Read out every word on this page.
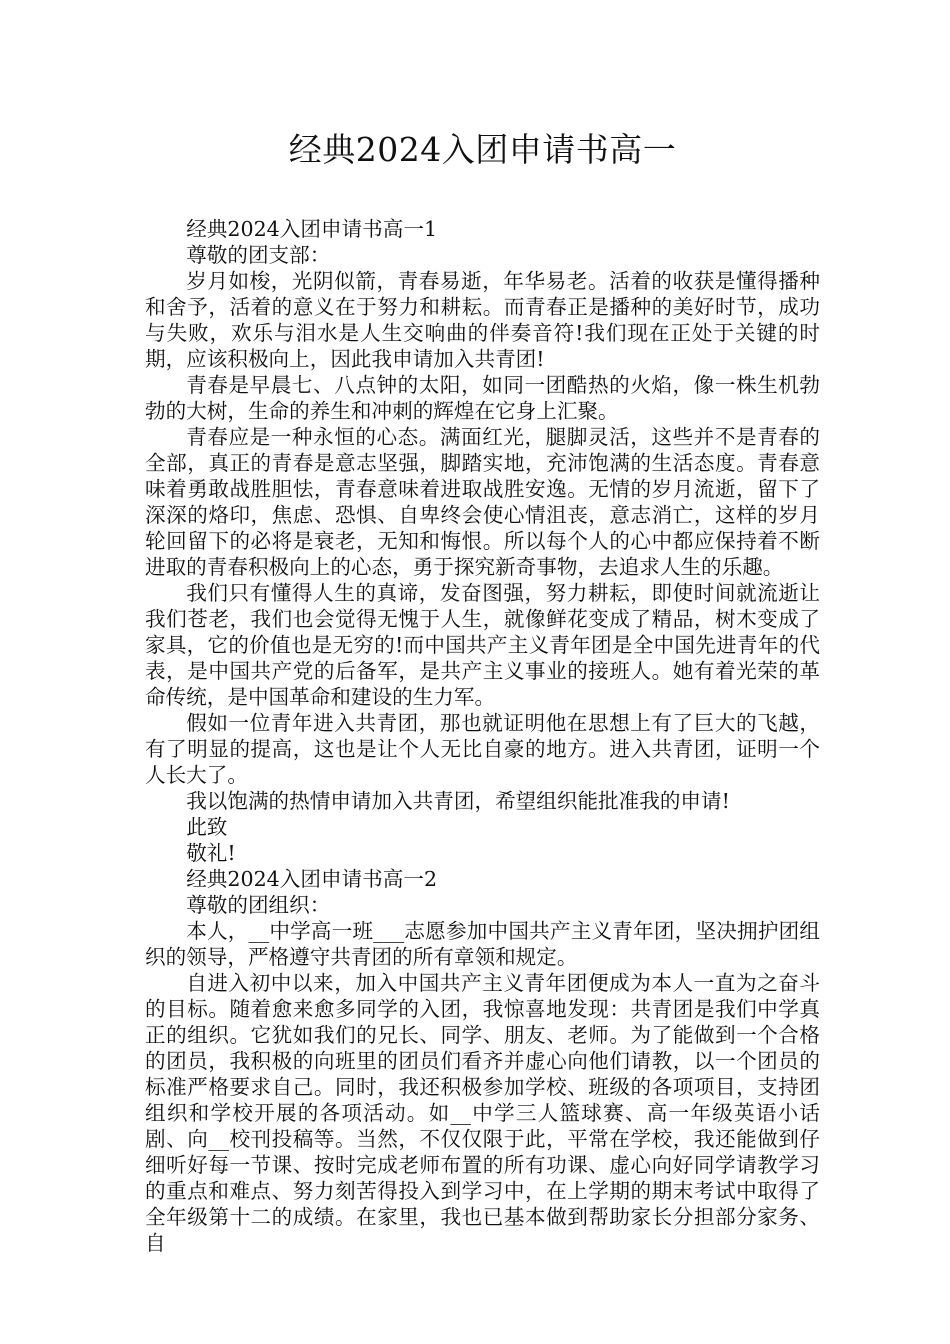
经典2024入团申请书高一

经典2024入团申请书高一1

尊敬的团支部：

岁月如梭，光阴似箭，青春易逝，年华易老。活着的收获是懂得播种和舍予，活着的意义在于努力和耕耘。而青春正是播种的美好时节，成功与失败，欢乐与泪水是人生交响曲的伴奏音符!我们现在正处于关键的时期，应该积极向上，因此我申请加入共青团!

青春是早晨七、八点钟的太阳，如同一团酷热的火焰，像一株生机勃勃的大树，生命的养生和冲刺的辉煌在它身上汇聚。

青春应是一种永恒的心态。满面红光，腿脚灵活，这些并不是青春的全部，真正的青春是意志坚强，脚踏实地，充沛饱满的生活态度。青春意味着勇敢战胜胆怯，青春意味着进取战胜安逸。无情的岁月流逝，留下了深深的烙印，焦虑、恐惧、自卑终会使心情沮丧，意志消亡，这样的岁月轮回留下的必将是衰老，无知和悔恨。所以每个人的心中都应保持着不断进取的青春积极向上的心态，勇于探究新奇事物，去追求人生的乐趣。

我们只有懂得人生的真谛，发奋图强，努力耕耘，即使时间就流逝让我们苍老，我们也会觉得无愧于人生，就像鲜花变成了精品，树木变成了家具，它的价值也是无穷的!而中国共产主义青年团是全中国先进青年的代表，是中国共产党的后备军，是共产主义事业的接班人。她有着光荣的革命传统，是中国革命和建设的生力军。

假如一位青年进入共青团，那也就证明他在思想上有了巨大的飞越，有了明显的提高，这也是让个人无比自豪的地方。进入共青团，证明一个人长大了。

我以饱满的热情申请加入共青团，希望组织能批准我的申请!

此致

敬礼!

经典2024入团申请书高一2

尊敬的团组织：

本人，__中学高一班___志愿参加中国共产主义青年团，坚决拥护团组织的领导，严格遵守共青团的所有章领和规定。

自进入初中以来，加入中国共产主义青年团便成为本人一直为之奋斗的目标。随着愈来愈多同学的入团，我惊喜地发现：共青团是我们中学真正的组织。它犹如我们的兄长、同学、朋友、老师。为了能做到一个合格的团员，我积极的向班里的团员们看齐并虚心向他们请教，以一个团员的标准严格要求自己。同时，我还积极参加学校、班级的各项项目，支持团组织和学校开展的各项活动。如__中学三人篮球赛、高一年级英语小话剧、向__校刊投稿等。当然，不仅仅限于此，平常在学校，我还能做到仔细听好每一节课、按时完成老师布置的所有功课、虚心向好同学请教学习的重点和难点、努力刻苦得投入到学习中，在上学期的期末考试中取得了全年级第十二的成绩。在家里，我也已基本做到帮助家长分担部分家务、自
